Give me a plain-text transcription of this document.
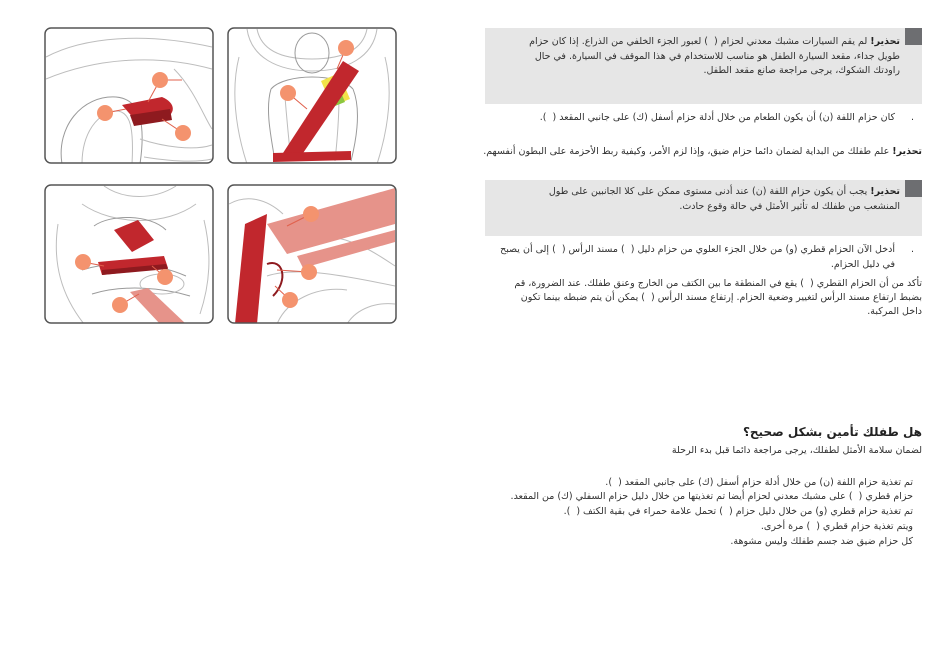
تحذير! لم يقم السيارات مشبك معدني لحزام (  ) لعبور الجزء الخلفي من الذراع. إذا كان حزام
طويل جداء، مقعد السيارة الطفل هو مناسب للاستخدام في هذا الموقف في السيارة. في حال
راودتك الشكوك، يرجى مراجعة صانع مقعد الطفل.
.
كان حزام اللفة (ن) أن يكون الطعام من خلال أدلة حزام أسفل (ك) على جانبي المقعد (  ).
تحذير! علم طفلك من البداية لضمان دائما حزام ضيق، وإذا لزم الأمر، وكيفية ربط الأحزمة على البطون أنفسهم.
تحذير! يجب أن يكون حزام اللفة (ن) عند أدنى مستوى ممكن على كلا الجانبين على طول
المنشعب من طفلك له تأثير الأمثل في حالة وقوع حادث.
.
أدخل الآن الحزام قطري (و) من خلال الجزء العلوي من حزام دليل (  ) مسند الرأس (  ) إلى أن يصبح
في دليل الحزام.
تأكد من أن الحزام القطري (  ) يقع في المنطقة ما بين الكتف من الخارج وعنق طفلك. عند الضرورة، قم
بضبط ارتفاع مسند الرأس لتغيير وضعية الحزام. إرتفاع مسند الرأس (  ) يمكن أن يتم ضبطه بينما تكون
داخل المركبة.
هل طفلك تأمين بشكل صحيح؟
لضمان سلامة الأمثل لطفلك، يرجى مراجعة دائما قبل بدء الرحلة
تم تغذية حزام اللفة (ن) من خلال أدلة حزام أسفل (ك) على جانبي المقعد (  ).
حزام قطري (  ) على مشبك معدني لحزام أيضا تم تغذيتها من خلال دليل حزام السفلي (ك) من المقعد.
تم تغذية حزام قطري (و) من خلال دليل حزام (  ) تحمل علامة حمراء في بقية الكتف (  ).
ويتم تغذية حزام قطري (  ) مرة أخرى.
كل حزام ضيق ضد جسم طفلك وليس مشوهة.
